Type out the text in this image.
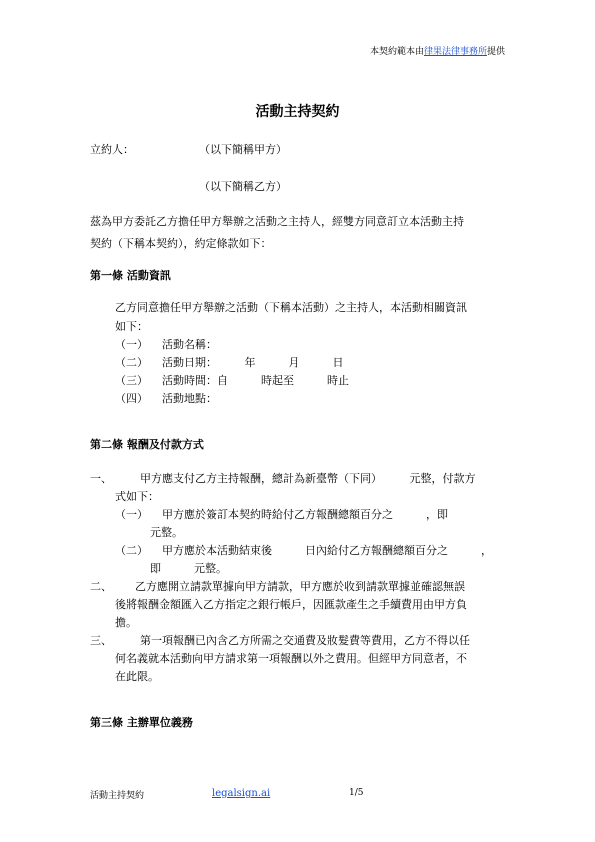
本契約範本由律果法律事務所提供
活動主持契約
立約人：	（以下簡稱甲方）
（以下簡稱乙方）
茲為甲方委託乙方擔任甲方舉辦之活動之主持人，經雙方同意訂立本活動主持
契約（下稱本契約），約定條款如下：
第一條 活動資訊
乙方同意擔任甲方舉辦之活動（下稱本活動）之主持人，本活動相關資訊
如下：
（一） 活動名稱：
（二） 活動日期：　　　年　　　月　　　日
（三） 活動時間：自　　　時起至　　　時止
（四） 活動地點：
第二條 報酬及付款方式
一、	甲方應支付乙方主持報酬，總計為新臺幣（下同）　　　元整，付款方
式如下：
（一） 甲方應於簽訂本契約時給付乙方報酬總額百分之　　　，即
元整。
（二） 甲方應於本活動結束後　　　日內給付乙方報酬總額百分之　　　，
即　　　元整。
二、 乙方應開立請款單據向甲方請款，甲方應於收到請款單據並確認無誤
後將報酬金額匯入乙方指定之銀行帳戶，因匯款產生之手續費用由甲方負
擔。
三、	第一項報酬已內含乙方所需之交通費及妝髮費等費用，乙方不得以任
何名義就本活動向甲方請求第一項報酬以外之費用。但經甲方同意者，不
在此限。
第三條 主辦單位義務
活動主持契約	legalsign.ai	1/5
